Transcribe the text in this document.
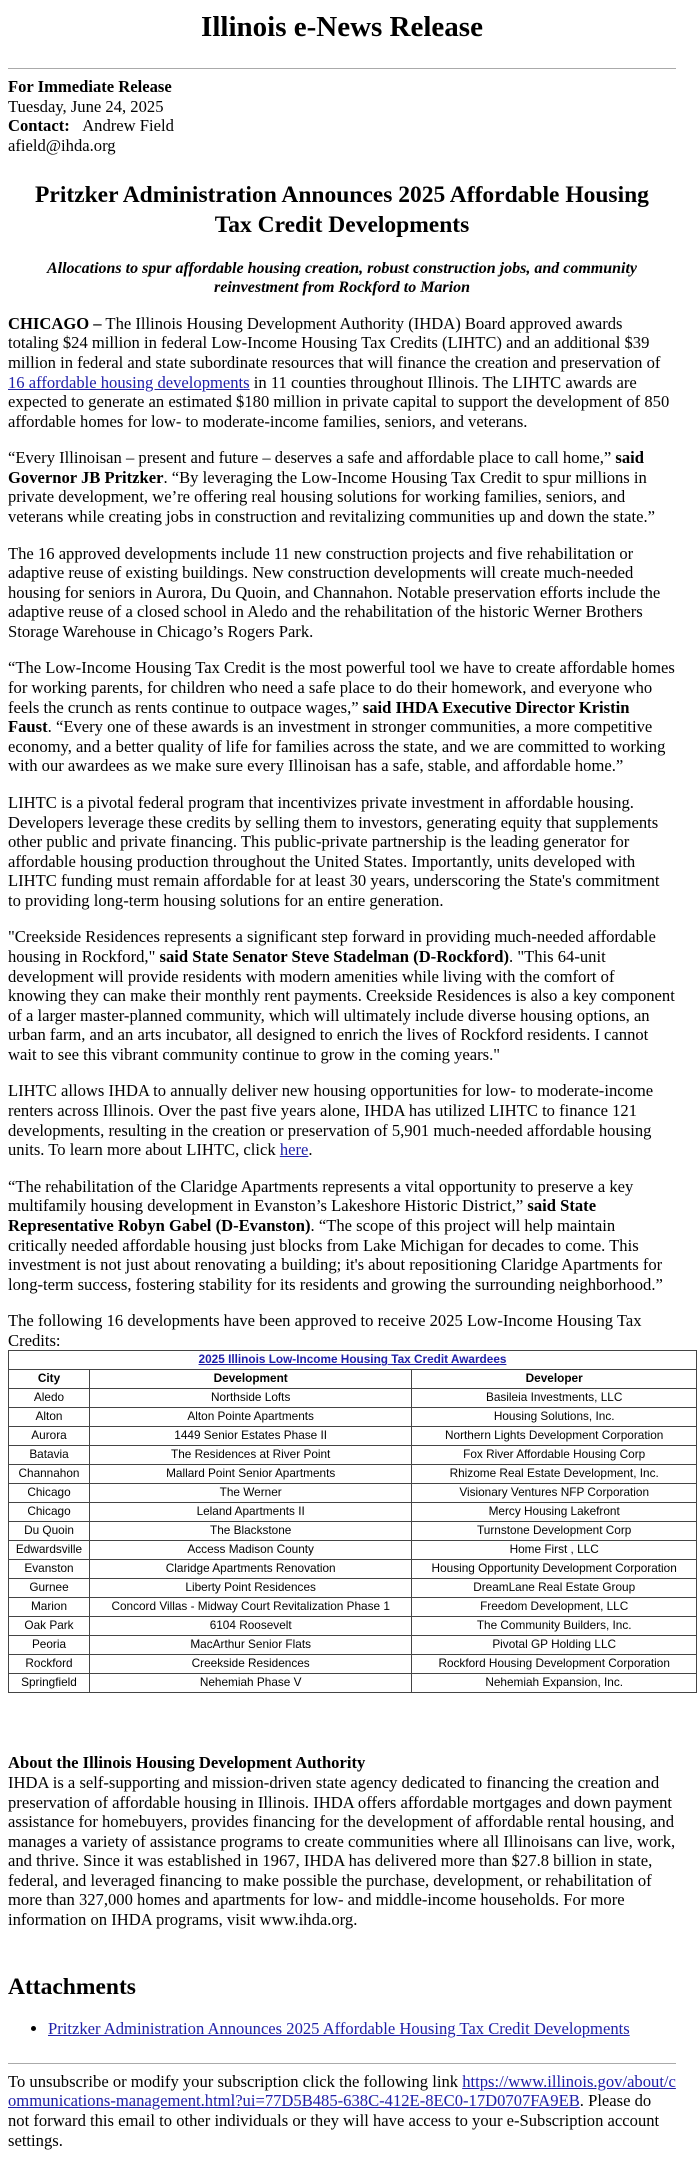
Illinois e-News Release

For Immediate Release

Tuesday, June 24, 2025

Contact: Andrew Field

afield@ihda.org

Pritzker Administration Announces 2025 Affordable Housing Tax Credit Developments
Allocations to spur affordable housing creation, robust construction jobs, and community reinvestment from Rockford to Marion

CHICAGO – The Illinois Housing Development Authority (IHDA) Board approved awards totaling $24 million in federal Low-Income Housing Tax Credits (LIHTC) and an additional $39 million in federal and state subordinate resources that will finance the creation and preservation of 16 affordable housing developments in 11 counties throughout Illinois. The LIHTC awards are expected to generate an estimated $180 million in private capital to support the development of 850 affordable homes for low- to moderate-income families, seniors, and veterans.

“Every Illinoisan – present and future – deserves a safe and affordable place to call home,” said Governor JB Pritzker. “By leveraging the Low-Income Housing Tax Credit to spur millions in private development, we’re offering real housing solutions for working families, seniors, and veterans while creating jobs in construction and revitalizing communities up and down the state.”

The 16 approved developments include 11 new construction projects and five rehabilitation or adaptive reuse of existing buildings. New construction developments will create much-needed housing for seniors in Aurora, Du Quoin, and Channahon. Notable preservation efforts include the adaptive reuse of a closed school in Aledo and the rehabilitation of the historic Werner Brothers Storage Warehouse in Chicago’s Rogers Park.

“The Low-Income Housing Tax Credit is the most powerful tool we have to create affordable homes for working parents, for children who need a safe place to do their homework, and everyone who feels the crunch as rents continue to outpace wages,” said IHDA Executive Director Kristin Faust. “Every one of these awards is an investment in stronger communities, a more competitive economy, and a better quality of life for families across the state, and we are committed to working with our awardees as we make sure every Illinoisan has a safe, stable, and affordable home.”

LIHTC is a pivotal federal program that incentivizes private investment in affordable housing. Developers leverage these credits by selling them to investors, generating equity that supplements other public and private financing. This public-private partnership is the leading generator for affordable housing production throughout the United States. Importantly, units developed with LIHTC funding must remain affordable for at least 30 years, underscoring the State's commitment to providing long-term housing solutions for an entire generation.

"Creekside Residences represents a significant step forward in providing much-needed affordable housing in Rockford," said State Senator Steve Stadelman (D-Rockford). "This 64-unit development will provide residents with modern amenities while living with the comfort of knowing they can make their monthly rent payments. Creekside Residences is also a key component of a larger master-planned community, which will ultimately include diverse housing options, an urban farm, and an arts incubator, all designed to enrich the lives of Rockford residents. I cannot wait to see this vibrant community continue to grow in the coming years."

LIHTC allows IHDA to annually deliver new housing opportunities for low- to moderate-income renters across Illinois. Over the past five years alone, IHDA has utilized LIHTC to finance 121 developments, resulting in the creation or preservation of 5,901 much-needed affordable housing units. To learn more about LIHTC, click here.

“The rehabilitation of the Claridge Apartments represents a vital opportunity to preserve a key multifamily housing development in Evanston’s Lakeshore Historic District,” said State Representative Robyn Gabel (D-Evanston). “The scope of this project will help maintain critically needed affordable housing just blocks from Lake Michigan for decades to come. This investment is not just about renovating a building; it's about repositioning Claridge Apartments for long-term success, fostering stability for its residents and growing the surrounding neighborhood.”

The following 16 developments have been approved to receive 2025 Low-Income Housing Tax Credits:

2025 Illinois Low-Income Housing Tax Credit Awardees		
City	Development	Developer
Aledo	Northside Lofts	Basileia Investments, LLC
Alton	Alton Pointe Apartments	Housing Solutions, Inc.
Aurora	1449 Senior Estates Phase II	Northern Lights Development Corporation
Batavia	The Residences at River Point	Fox River Affordable Housing Corp
Channahon	Mallard Point Senior Apartments	Rhizome Real Estate Development, Inc.
Chicago	The Werner	Visionary Ventures NFP Corporation
Chicago	Leland Apartments II	Mercy Housing Lakefront
Du Quoin	The Blackstone	Turnstone Development Corp
Edwardsville	Access Madison County	Home First , LLC
Evanston	Claridge Apartments Renovation	Housing Opportunity Development Corporation
Gurnee	Liberty Point Residences	DreamLane Real Estate Group
Marion	Concord Villas - Midway Court Revitalization Phase 1	Freedom Development, LLC
Oak Park	6104 Roosevelt	The Community Builders, Inc.
Peoria	MacArthur Senior Flats	Pivotal GP Holding LLC
Rockford	Creekside Residences	Rockford Housing Development Corporation
Springfield	Nehemiah Phase V	Nehemiah Expansion, Inc.

About the Illinois Housing Development Authority

IHDA is a self-supporting and mission-driven state agency dedicated to financing the creation and preservation of affordable housing in Illinois. IHDA offers affordable mortgages and down payment assistance for homebuyers, provides financing for the development of affordable rental housing, and manages a variety of assistance programs to create communities where all Illinoisans can live, work, and thrive. Since it was established in 1967, IHDA has delivered more than $27.8 billion in state, federal, and leveraged financing to make possible the purchase, development, or rehabilitation of more than 327,000 homes and apartments for low- and middle-income households. For more information on IHDA programs, visit www.ihda.org.

Attachments
• Pritzker Administration Announces 2025 Affordable Housing Tax Credit Developments

To unsubscribe or modify your subscription click the following link https://www.illinois.gov/about/communications-management.html?ui=77D5B485-638C-412E-8EC0-17D0707FA9EB. Please do not forward this email to other individuals or they will have access to your e-Subscription account settings.
